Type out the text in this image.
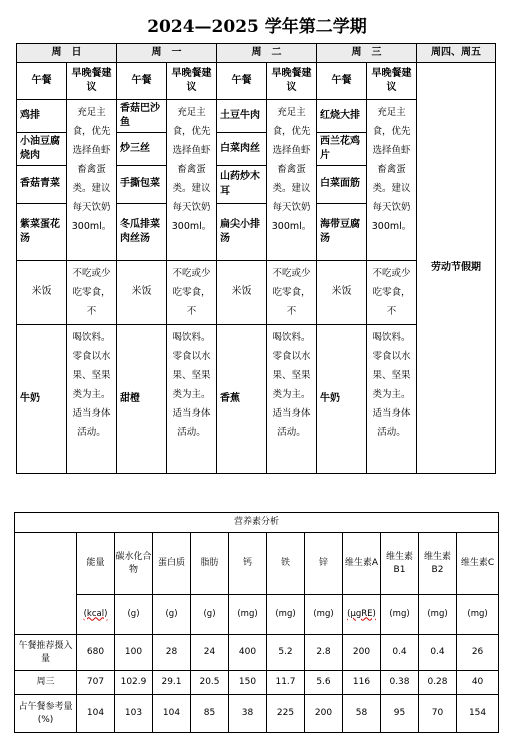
2024—2025 学年第二学期
周　日		周　一		周　二		周　三		周四、周五
午餐	早晚餐建议	午餐	早晚餐建议	午餐	早晚餐建议	午餐	早晚餐建议	劳动节假期
鸡排	充足主食，优先选择鱼虾畜禽蛋类。建议每天饮奶300ml。	香菇巴沙鱼	充足主食，优先选择鱼虾畜禽蛋类。建议每天饮奶300ml。	土豆牛肉	充足主食，优先选择鱼虾畜禽蛋类。建议每天饮奶300ml。	红烧大排	充足主食，优先选择鱼虾畜禽蛋类。建议每天饮奶300ml。	
小油豆腐烧肉		炒三丝		白菜肉丝		西兰花鸡片		
香菇青菜		手撕包菜		山药炒木耳		白菜面筋		
紫菜蛋花汤		冬瓜排菜肉丝汤		扁尖小排汤		海带豆腐汤		
米饭	不吃或少吃零食，不	米饭	不吃或少吃零食，不	米饭	不吃或少吃零食，不	米饭	不吃或少吃零食，不	
牛奶	喝饮料。零食以水果、坚果类为主。适当身体活动。	甜橙	喝饮料。零食以水果、坚果类为主。适当身体活动。	香蕉	喝饮料。零食以水果、坚果类为主。适当身体活动。	牛奶	喝饮料。零食以水果、坚果类为主。适当身体活动。	
营养素分析											
	能量	碳水化合物	蛋白质	脂肪	钙	铁	锌	维生素A	维生素B1	维生素B2	维生素C
	(kcal)	(g)	(g)	(g)	(mg)	(mg)	(mg)	(μgRE)	(mg)	(mg)	(mg)
午餐推荐摄入量	680	100	28	24	400	5.2	2.8	200	0.4	0.4	26
周三	707	102.9	29.1	20.5	150	11.7	5.6	116	0.38	0.28	40
占午餐参考量(%)	104	103	104	85	38	225	200	58	95	70	154
